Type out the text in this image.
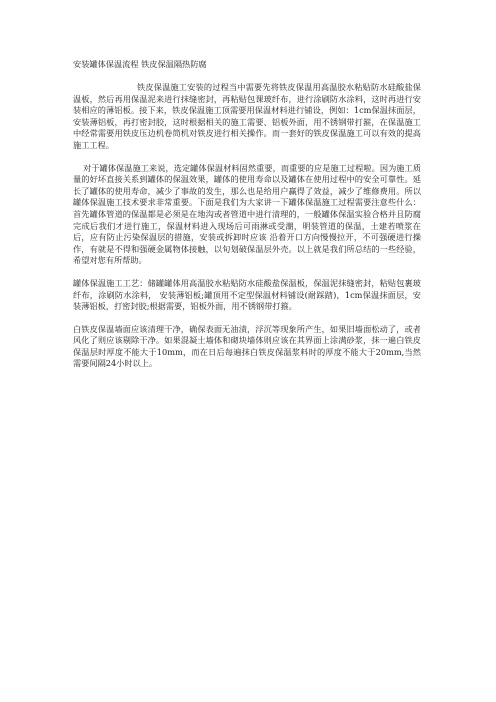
安装罐体保温流程 铁皮保温隔热防腐

铁皮保温施工安装的过程当中需要先将铁皮保温用高温胶水粘贴防水硅酸盐保温板，然后再用保温泥来进行抹缝密封，再粘贴包课玻纤布，进行涂刷防水涂料，这时再进行安装相应的薄铝板。接下来，铁皮保温施工顶需要用保温材料进行铺设，例如：1cm保温抹面层，安装薄铝板，再打密封胶，这时根据相关的施工需要、铝板外面，用不锈钢带打箍，在保温施工中经常需要用铁皮压边机卷筒机对铁皮进行相关操作。而一套好的铁皮保温施工可以有效的提高施工工程。

对于罐体保温施工来说，选定罐体保温材料固然重要，而重要的应是施工过程啦。因为施工质量的好坏直接关系到罐体的保温效果，罐体的使用寿命以及罐体在使用过程中的安全可靠性。延长了罐体的使用寿命，减少了事故的发生，那么也是给用户赢得了效益，减少了维修费用。所以罐体保温施工技术要求非常重要。下面是我们为大家讲一下罐体保温施工过程需要注意些什么：首先罐体管道的保温都是必须是在地沟或者管道中进行清理的，一般罐体保温实验合格并且防腐完成后我们才进行施工，保温材料进入现场后可雨淋或受潮，明装管道的保温，土建若喷浆在后，应有防止污染保温层的措施，安装或拆卸时应该 沿着开口方向慢慢拉开，不可强硬进行操作，有就是不得和强硬金属物体接触，以旬划破保温层外壳。以上就是我们所总结的一些经验，希望对您有所帮助。

罐体保温施工工艺：储罐罐体用高温胶水粘贴防水硅酸盐保温板，保温泥抹缝密封，粘贴包裹玻纤布，涂刷防水涂料， 安装薄铝板;罐顶用不定型保温材料铺设(耐踩踏)，1cm保温抹面层，安装薄铝板，打密封胶;根据需要，铝板外面，用不锈钢带打箍。

白铁皮保温墙面应该清理干净，确保表面无油渍，浮沉等现象所产生，如果旧墙面松动了，或者风化了则应该剔除干净。如果混凝土墙体和砌块墙体则应该在其界面上涂满砂浆，抹一遍白铁皮保温层时厚度不能大于10mm，而在日后每遍抹白铁皮保温浆料时的厚度不能大于20mm,当然需要间隔24小时以上。
